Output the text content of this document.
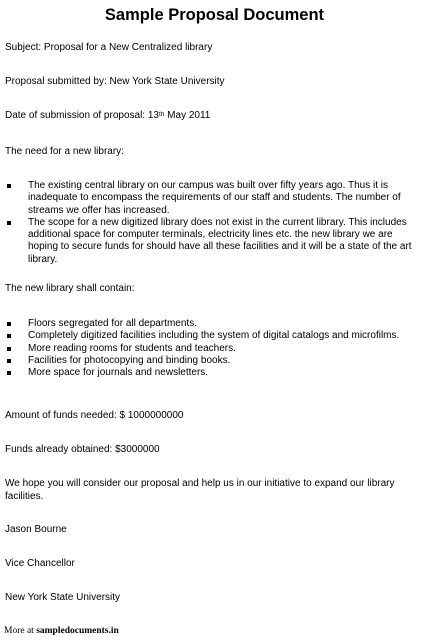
Sample Proposal Document

Subject: Proposal for a New Centralized library

Proposal submitted by: New York State University

Date of submission of proposal: 13th May 2011

The need for a new library:

The existing central library on our campus was built over fifty years ago. Thus it is inadequate to encompass the requirements of our staff and students. The number of streams we offer has increased.
The scope for a new digitized library does not exist in the current library. This includes additional space for computer terminals, electricity lines etc. the new library we are hoping to secure funds for should have all these facilities and it will be a state of the art library.

The new library shall contain:

Floors segregated for all departments.
Completely digitized facilities including the system of digital catalogs and microfilms.
More reading rooms for students and teachers.
Facilities for photocopying and binding books.
More space for journals and newsletters.

Amount of funds needed: $ 1000000000

Funds already obtained: $3000000

We hope you will consider our proposal and help us in our initiative to expand our library facilities.

Jason Bourne

Vice Chancellor

New York State University

More at sampledocuments.in
